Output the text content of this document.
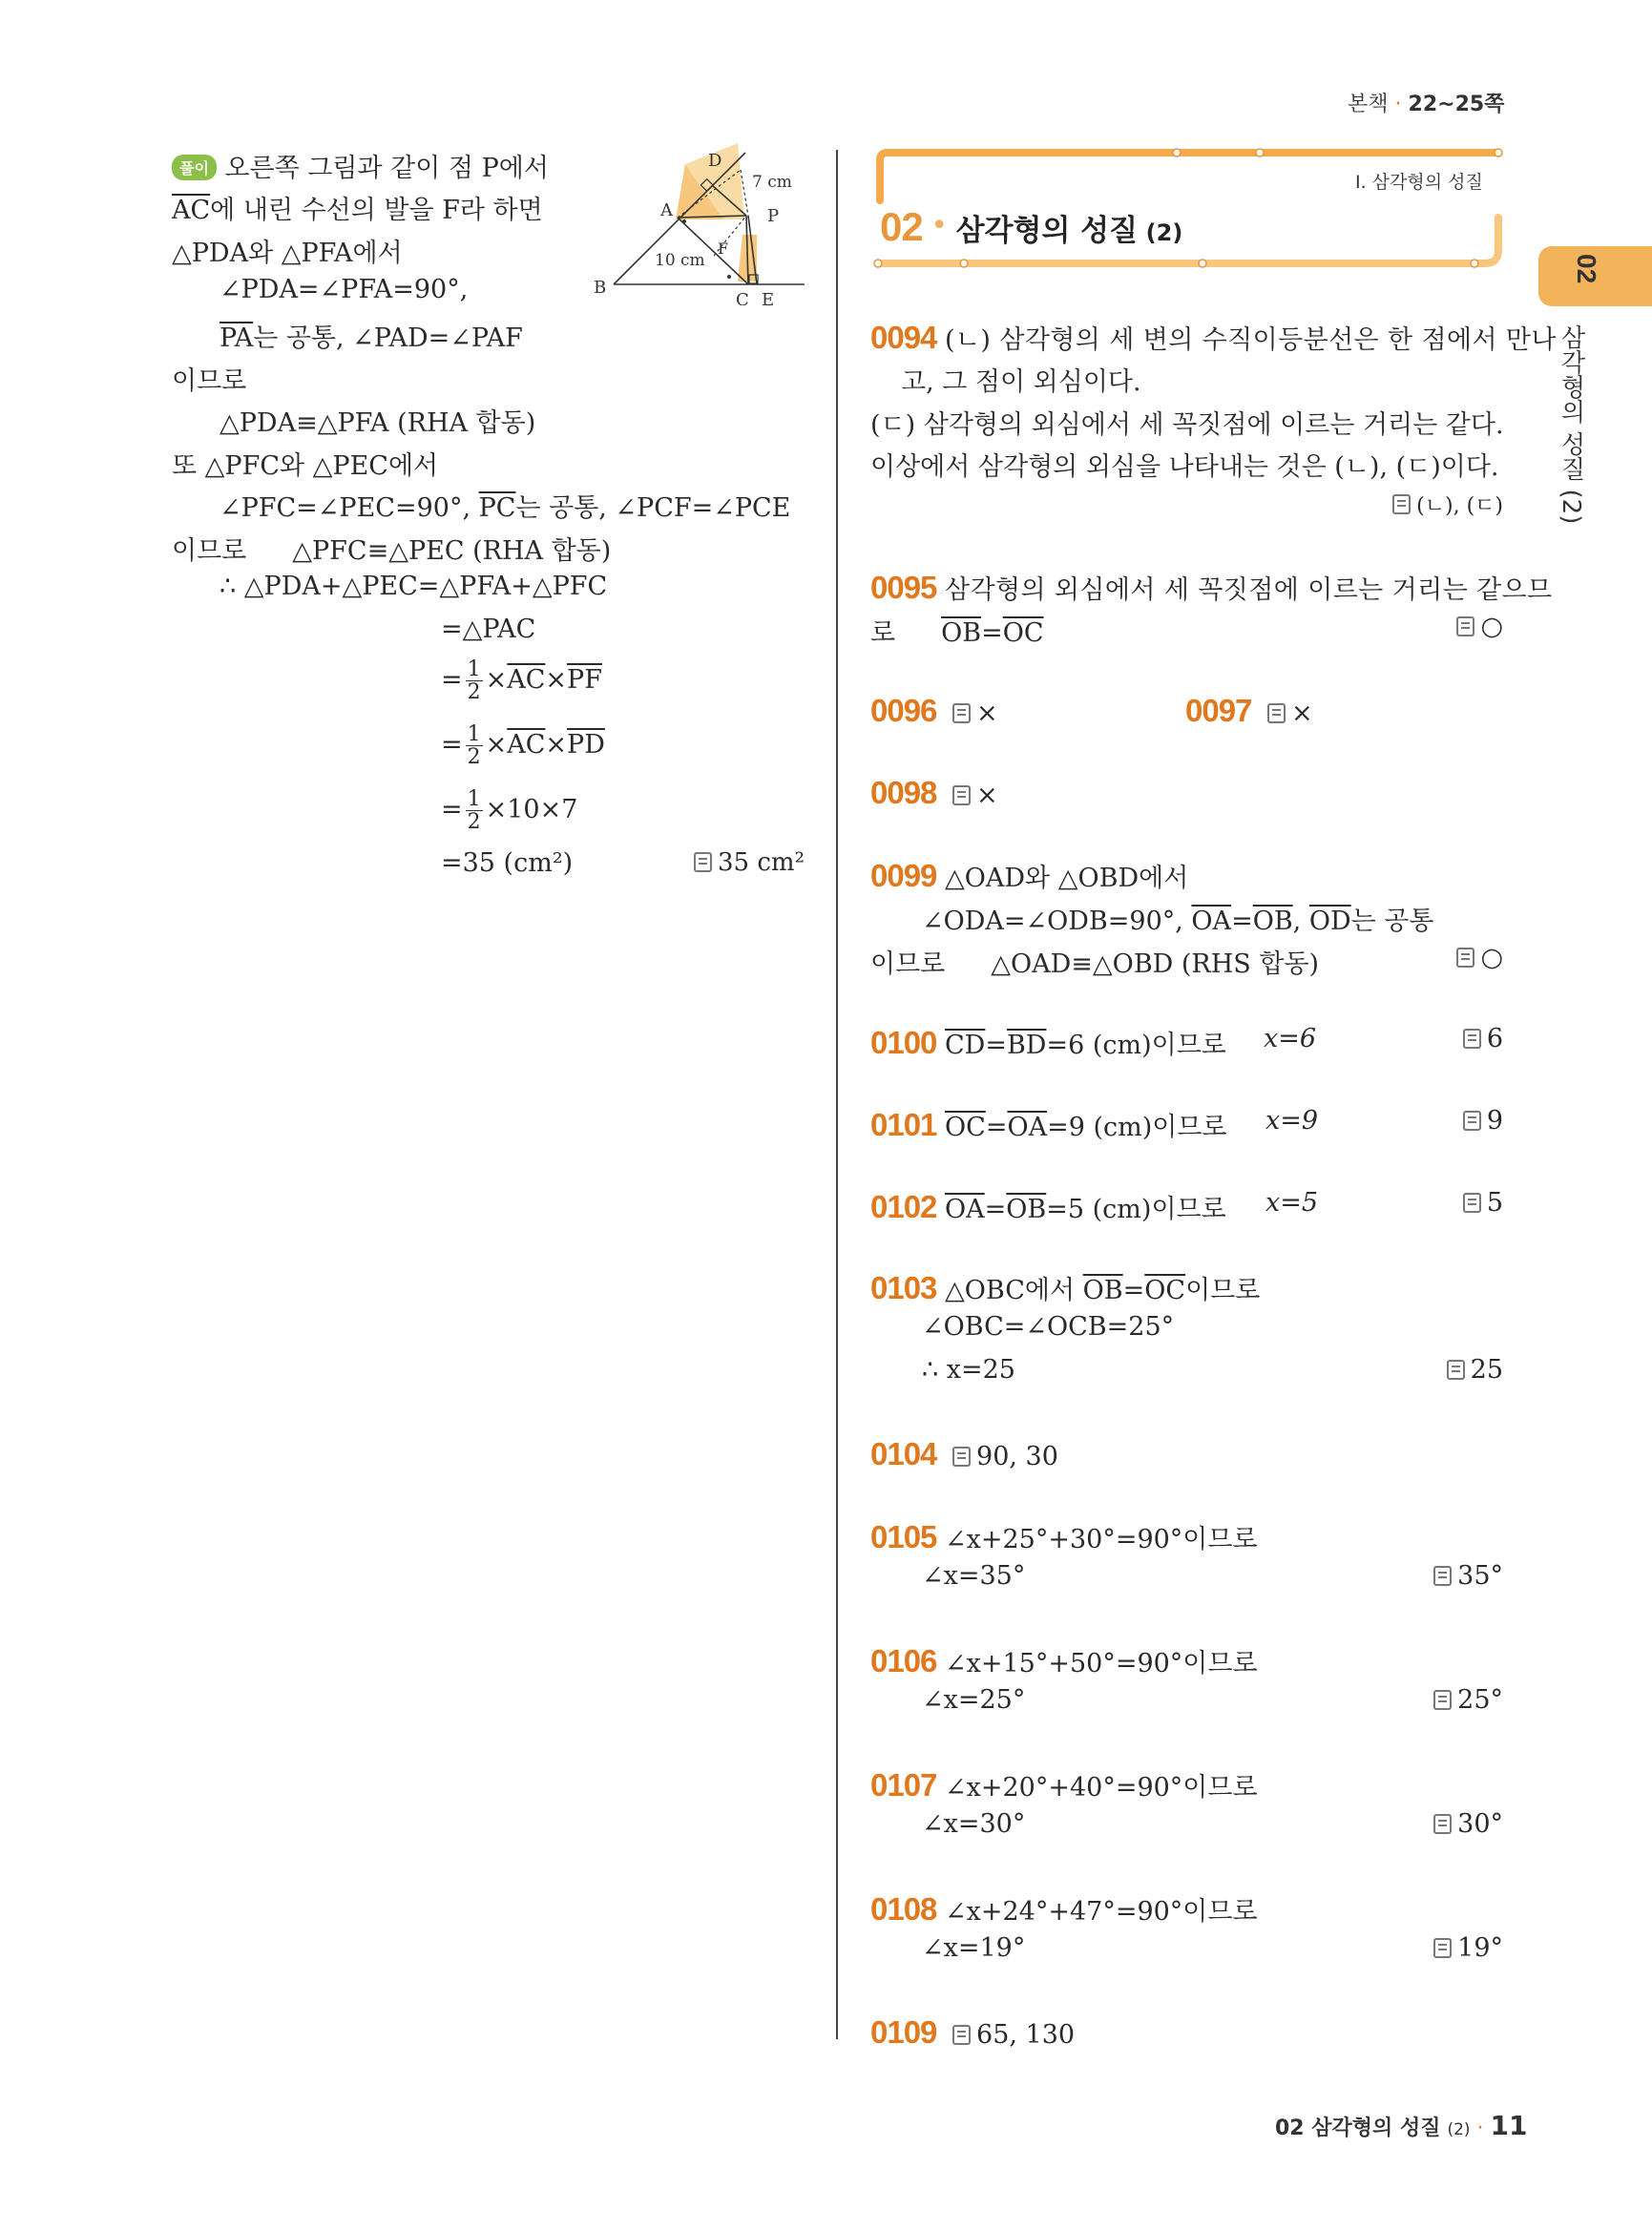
본책 · 22~25쪽
02
삼각형의 성질 (2)
풀이 오른쪽 그림과 같이 점 P에서
$\overline{AC}$에 내린 수선의 발을 F라 하면
△PDA와 △PFA에서
∠PDA=∠PFA=90°,
$\overline{PA}$는 공통, ∠PAD=∠PAF
이므로
△PDA≡△PFA (RHA 합동)
또 △PFC와 △PEC에서
∠PFC=∠PEC=90°, $\overline{PC}$는 공통, ∠PCF=∠PCE
이므로 △PFC≡△PEC (RHA 합동)
∴ △PDA+△PEC=△PFA+△PFC
=△PAC
= $\frac{1}{2} \times\overline{AC}\times\overline{PF}$
= $\frac{1}{2} \times\overline{AC}\times\overline{PD}$
= $\frac{1}{2} \times 10\times 7$
=35 (cm²)	35 cm²
D
A	P
B
F
C E
7 cm
10 cm
I. 삼각형의 성질
02 • 삼각형의 성질 (2)
0094 (ㄴ) 삼각형의 세 변의 수직이등분선은 한 점에서 만나
고, 그 점이 외심이다.
(ㄷ) 삼각형의 외심에서 세 꼭짓점에 이르는 거리는 같다.
이상에서 삼각형의 외심을 나타내는 것은 (ㄴ), (ㄷ)이다.
(ㄴ), (ㄷ)
0095 삼각형의 외심에서 세 꼭짓점에 이르는 거리는 같으므
로 $\overline{OB}=\overline{OC}$	○
0096 ×	0097 ×
0098 ×
0099 △OAD와 △OBD에서
∠ODA=∠ODB=90°, $\overline{OA}=\overline{OB}$, $\overline{OD}$는 공통
이므로 △OAD≡△OBD (RHS 합동)	○
0100 $\overline{CD}=\overline{BD}=6$ (cm)이므로 x=6	6
0101 $\overline{OC}=\overline{OA}=9$ (cm)이므로 x=9	9
0102 $\overline{OA}=\overline{OB}=5$ (cm)이므로 x=5	5
0103 △OBC에서 $\overline{OB}=\overline{OC}$이므로
∠OBC=∠OCB=25°
∴ x=25	25
0104 90, 30
0105 ∠x+25°+30°=90°이므로
∠x=35°	35°
0106 ∠x+15°+50°=90°이므로
∠x=25°	25°
0107 ∠x+20°+40°=90°이므로
∠x=30°	30°
0108 ∠x+24°+47°=90°이므로
∠x=19°	19°
0109 65, 130
02 삼각형의 성질 (2) · 11
